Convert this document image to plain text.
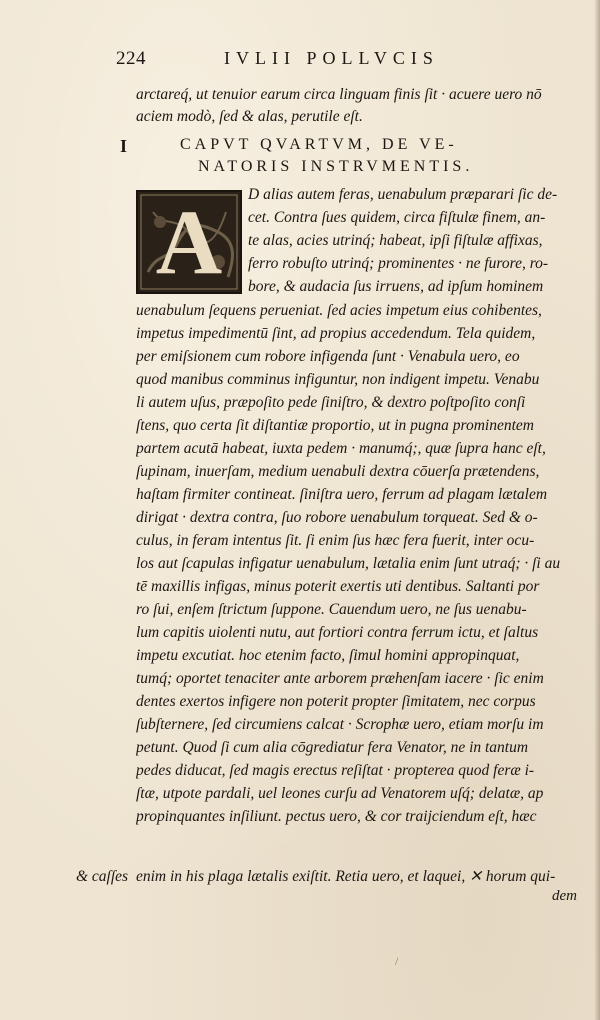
224	IVLII POLLVCIS
arctareq́, ut tenuior earum circa linguam finis ſit · acuere uero nō
aciem modò, ſed & alas, perutile eſt.
I	CAPVT QVARTVM, DE VE-
NATORIS INSTRVMENTIS.
A	D alias autem feras, uenabulum præparari ſic de-
cet. Contra ſues quidem, circa fiſtulæ finem, an-
te alas, acies utrinq́; habeat, ipſi fiſtulæ affixas,
ferro robuſto utrinq́; prominentes · ne furore, ro-
bore, & audacia ſus irruens, ad ipſum hominem
uenabulum ſequens perueniat. ſed acies impetum eius cohibentes,
impetus impedimentū ſint, ad propius accedendum. Tela quidem,
per emiſsionem cum robore infigenda ſunt · Venabula uero, eo
quod manibus comminus infiguntur, non indigent impetu. Venabu
li autem uſus, præpoſito pede ſiniſtro, & dextro poſtpoſito conſi
ſtens, quo certa ſit diſtantiæ proportio, ut in pugna prominentem
partem acutā habeat, iuxta pedem · manumq́;, quæ ſupra hanc eſt,
ſupinam, inuerſam, medium uenabuli dextra cōuerſa prætendens,
haſtam firmiter contineat. ſiniſtra uero, ferrum ad plagam lætalem
dirigat · dextra contra, ſuo robore uenabulum torqueat. Sed & o-
culus, in feram intentus ſit. ſi enim ſus hæc fera fuerit, inter ocu-
los aut ſcapulas infigatur uenabulum, lætalia enim ſunt utraq́; · ſi au
tē maxillis infigas, minus poterit exertis uti dentibus. Saltanti por
ro ſui, enſem ſtrictum ſuppone. Cauendum uero, ne ſus uenabu-
lum capitis uiolenti nutu, aut fortiori contra ferrum ictu, et ſaltus
impetu excutiat. hoc etenim facto, ſimul homini appropinquat,
tumq́; oportet tenaciter ante arborem præhenſam iacere · ſic enim
dentes exertos infigere non poterit propter ſimitatem, nec corpus
ſubſternere, ſed circumiens calcat · Scrophæ uero, etiam morſu im
petunt. Quod ſi cum alia cōgrediatur fera Venator, ne in tantum
pedes diducat, ſed magis erectus reſiſtat · propterea quod feræ i-
ſtæ, utpote pardali, uel leones curſu ad Venatorem uſq́; delatæ, ap
propinquantes inſiliunt. pectus uero, & cor traijciendum eſt, hæc
enim in his plaga lætalis exiſtit. Retia uero, et laquei, ✕ horum qui-
& caſſes
dem
/
